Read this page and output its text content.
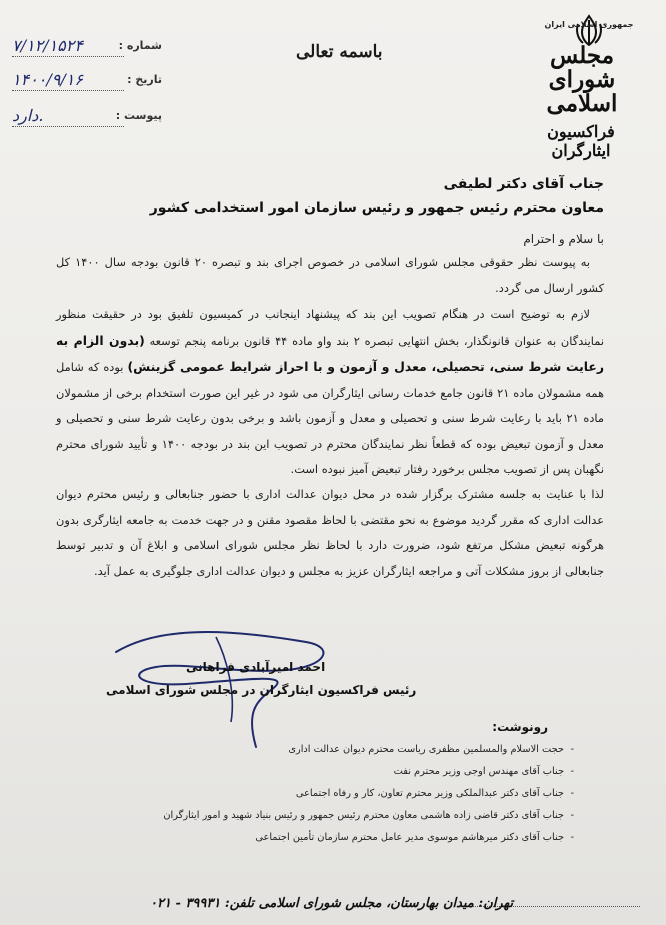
جمهوری اسلامی ایران
مجلس شورای اسلامی
فراکسیون ایثارگران
باسمه تعالی
شماره :
۷/۱۲/۱۵۲۴
تاریخ :
۱۴۰۰/۹/۱۶
پیوست :
دارد.
جناب آقای دکتر لطیفی
معاون محترم رئیس جمهور و رئیس سازمان امور استخدامی کشور
با سلام و احترام
به پیوست نظر حقوقی مجلس شورای اسلامی در خصوص اجرای بند و تبصره ۲۰ قانون بودجه سال ۱۴۰۰ کل کشور ارسال می گردد.
لازم به توضیح است در هنگام تصویب این بند که پیشنهاد اینجانب در کمیسیون تلفیق بود در حقیقت منظور نمایندگان به عنوان قانونگذار، بخش انتهایی تبصره ۲ بند واو ماده ۴۴ قانون برنامه پنجم توسعه (بدون الزام به رعایت شرط سنی، تحصیلی، معدل و آزمون و با احراز شرایط عمومی گزینش) بوده که شامل همه مشمولان ماده ۲۱ قانون جامع خدمات رسانی ایثارگران می شود در غیر این صورت استخدام برخی از مشمولان ماده ۲۱ باید با رعایت شرط سنی و تحصیلی و معدل و آزمون باشد و برخی بدون رعایت شرط سنی و تحصیلی و معدل و آزمون تبعیض بوده که قطعاً نظر نمایندگان محترم در تصویب این بند در بودجه ۱۴۰۰ و تأیید شورای محترم نگهبان پس از تصویب مجلس برخورد رفتار تبعیض آمیز نبوده است.
لذا با عنایت به جلسه مشترک برگزار شده در محل دیوان عدالت اداری با حضور جنابعالی و رئیس محترم دیوان عدالت اداری که مقرر گردید موضوع به نحو مقتضی با لحاظ مقصود مقنن و در جهت خدمت به جامعه ایثارگری بدون هرگونه تبعیض مشکل مرتفع شود، ضرورت دارد با لحاظ نظر مجلس شورای اسلامی و ابلاغ آن و تدبیر توسط جنابعالی از بروز مشکلات آتی و مراجعه ایثارگران عزیز به مجلس و دیوان عدالت اداری جلوگیری به عمل آید.
احمد امیرآبادی فراهانی
رئیس فراکسیون ایثارگران در مجلس شورای اسلامی
رونوشت:
- حجت الاسلام والمسلمین مظفری ریاست محترم دیوان عدالت اداری
- جناب آقای مهندس اوجی وزیر محترم نفت
- جناب آقای دکتر عبدالملکی وزیر محترم تعاون، کار و رفاه اجتماعی
- جناب آقای دکتر قاضی زاده هاشمی معاون محترم رئیس جمهور و رئیس بنیاد شهید و امور ایثارگران
- جناب آقای دکتر میرهاشم موسوی مدیر عامل محترم سازمان تأمین اجتماعی
تهران: میدان بهارستان، مجلس شورای اسلامی تلفن: ۳۹۹۳۱ - ۰۲۱
